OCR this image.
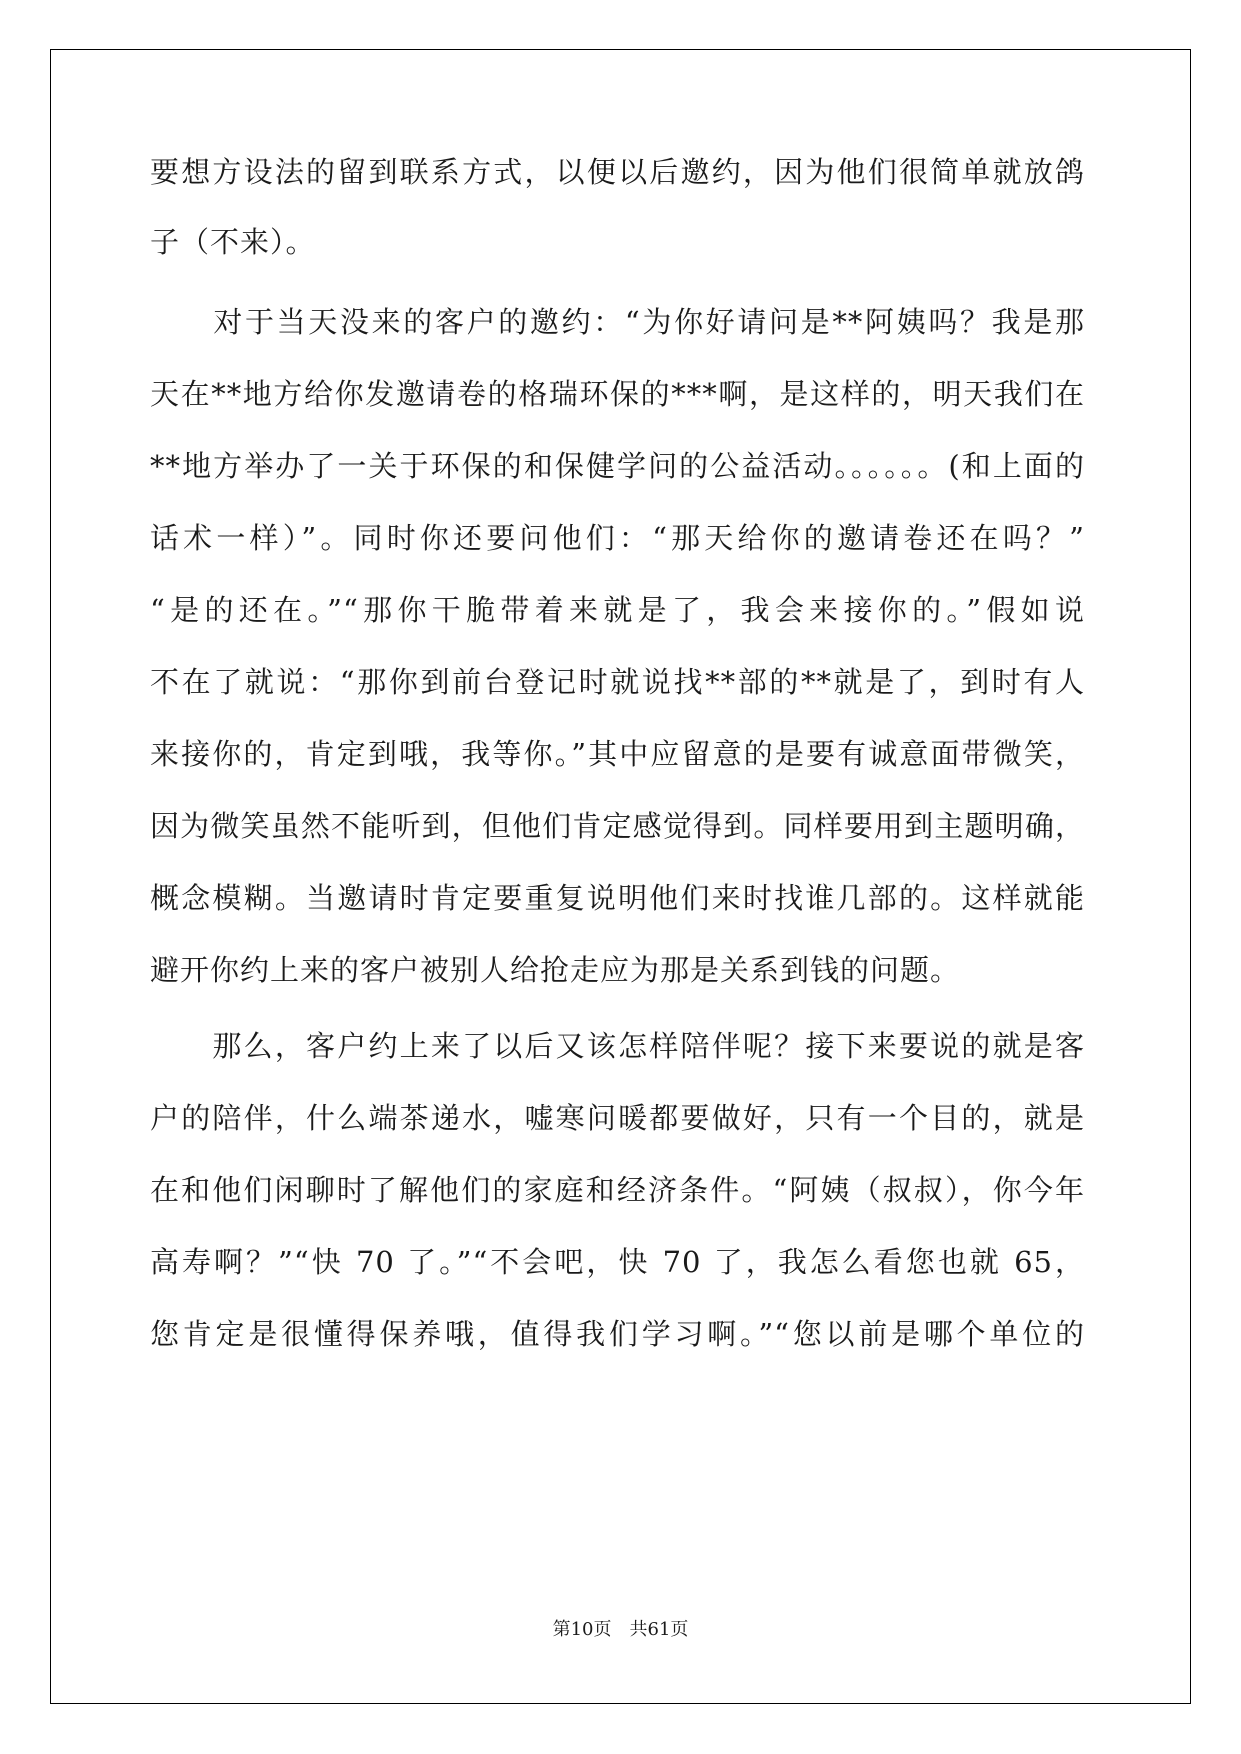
要想方设法的留到联系方式，以便以后邀约，因为他们很简单就放鸽
子（不来）。
　　对于当天没来的客户的邀约：“为你好请问是**阿姨吗？我是那
天在**地方给你发邀请卷的格瑞环保的***啊，是这样的，明天我们在
**地方举办了一关于环保的和保健学问的公益活动。。。。。。(和上面的
话术一样）”。同时你还要问他们：“那天给你的邀请卷还在吗？”
“是的还在。”“那你干脆带着来就是了，我会来接你的。”假如说
不在了就说：“那你到前台登记时就说找**部的**就是了，到时有人
来接你的，肯定到哦，我等你。”其中应留意的是要有诚意面带微笑，
因为微笑虽然不能听到，但他们肯定感觉得到。同样要用到主题明确，
概念模糊。当邀请时肯定要重复说明他们来时找谁几部的。这样就能
避开你约上来的客户被别人给抢走应为那是关系到钱的问题。
　　那么，客户约上来了以后又该怎样陪伴呢？接下来要说的就是客
户的陪伴，什么端茶递水，嘘寒问暖都要做好，只有一个目的，就是
在和他们闲聊时了解他们的家庭和经济条件。“阿姨（叔叔），你今年
高寿啊？”“快 70 了。”“不会吧，快 70 了，我怎么看您也就 65，
您肯定是很懂得保养哦，值得我们学习啊。”“您以前是哪个单位的
第10页　共61页
